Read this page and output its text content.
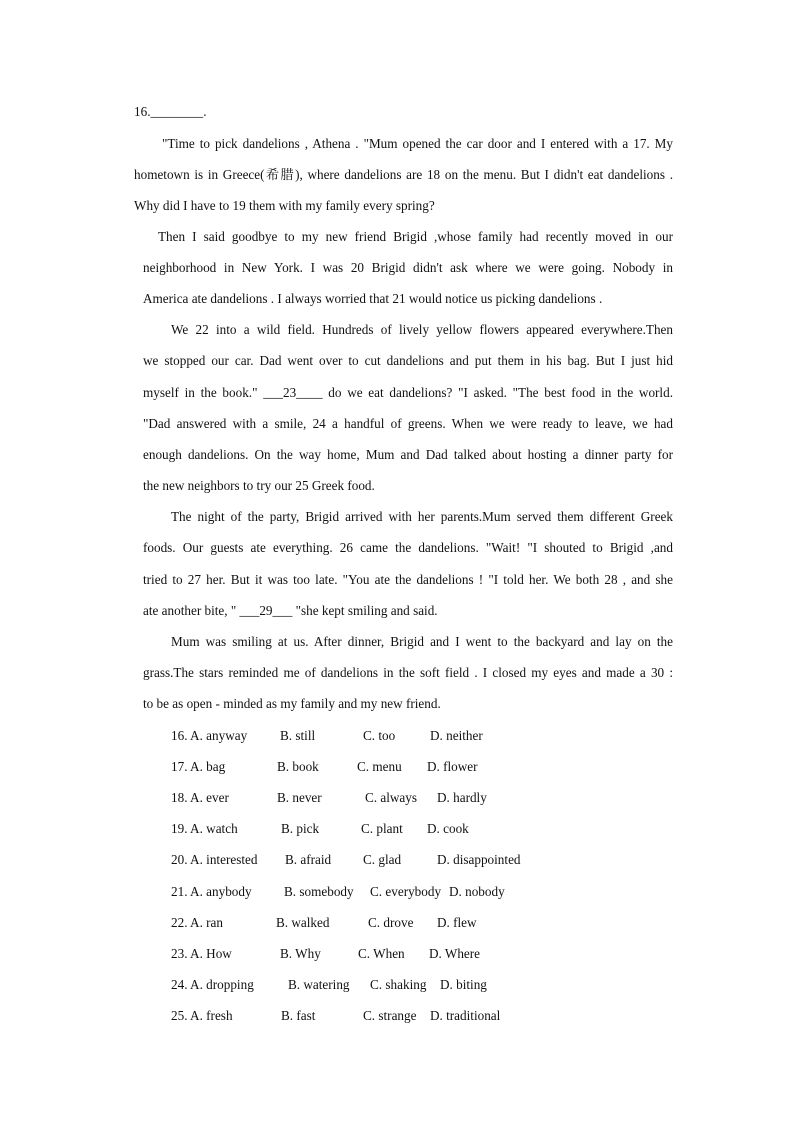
16.________.
"Time to pick dandelions , Athena . "Mum opened the car door and I entered with a 17. My
hometown is in Greece(希腊), where dandelions are 18 on the menu. But I didn't eat dandelions .
Why did I have to 19 them with my family every spring?
Then I said goodbye to my new friend Brigid ,whose family had recently moved in our
neighborhood in New York. I was 20 Brigid didn't ask where we were going. Nobody in
America ate dandelions . I always worried that 21 would notice us picking dandelions .
We 22 into a wild field. Hundreds of lively yellow flowers appeared everywhere.Then
we stopped our car. Dad went over to cut dandelions and put them in his bag. But I just hid
myself in the book." ___23____ do we eat dandelions? "I asked. "The best food in the world.
"Dad answered with a smile, 24 a handful of greens. When we were ready to leave, we had
enough dandelions. On the way home, Mum and Dad talked about hosting a dinner party for
the new neighbors to try our 25 Greek food.
The night of the party, Brigid arrived with her parents.Mum served them different Greek
foods. Our guests ate everything. 26 came the dandelions. "Wait! "I shouted to Brigid ,and
tried to 27 her. But it was too late. "You ate the dandelions ! "I told her. We both 28 , and she
ate another bite, " ___29___ "she kept smiling and said.
Mum was smiling at us. After dinner, Brigid and I went to the backyard and lay on the
grass.The stars reminded me of dandelions in the soft field . I closed my eyes and made a 30 :
to be as open - minded as my family and my new friend.
16. A. anyway B. still	C. too	D. neither
17. A. bag	B. book	C. menu D. flower
18. A. ever	B. never	C. always D. hardly
19. A. watch	B. pick	C. plant D. cook
20. A. interested B. afraid C. glad	D. disappointed
21. A. anybody B. somebody C. everybody D. nobody
22. A. ran	B. walked	C. drove D. flew
23. A. How	B. Why	C. When D. Where
24. A. dropping	B. watering C. shaking D. biting
25. A. fresh	B. fast	C. strange D. traditional
